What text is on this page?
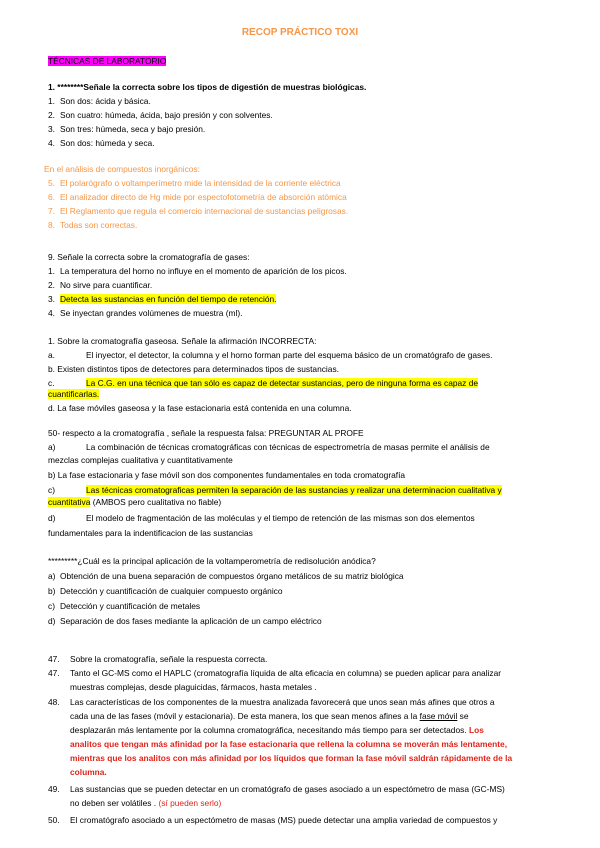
RECOP PRÁCTICO TOXI
TÉCNICAS DE LABORATORIO
1. ********Señale la correcta sobre los tipos de digestión de muestras biológicas.
1. Son dos: ácida y básica.
2. Son cuatro: húmeda, ácida, bajo presión y con solventes.
3. Son tres: húmeda, seca y bajo presión.
4. Son dos: húmeda y seca.
En el análisis de compuestos inorgánicos:
5. El polarógrafo o voltamperímetro mide la intensidad de la corriente eléctrica
6. El analizador directo de Hg mide por espectofotometría de absorción atómica
7. El Reglamento que regula el comercio internacional de sustancias peligrosas.
8. Todas son correctas.
9. Señale la correcta sobre la cromatografía de gases:
1. La temperatura del horno no influye en el momento de aparición de los picos.
2. No sirve para cuantificar.
3. Detecta las sustancias en función del tiempo de retención.
4. Se inyectan grandes volúmenes de muestra (ml).
1. Sobre la cromatografía gaseosa. Señale la afirmación INCORRECTA:
a.	El inyector, el detector, la columna y el horno forman parte del esquema básico de un cromatógrafo de gases.
b. Existen distintos tipos de detectores para determinados tipos de sustancias.
c.	La C.G. en una técnica que tan sólo es capaz de detectar sustancias, pero de ninguna forma es capaz de
cuantificarlas.
d. La fase móviles gaseosa y la fase estacionaria está contenida en una columna.
50- respecto a la cromatografía , señale la respuesta falsa: PREGUNTAR AL PROFE
a)	La combinación de técnicas cromatográficas con técnicas de espectrometría de masas permite el análisis de
mezclas complejas cualitativa y cuantitativamente
b) La fase estacionaria y fase móvil son dos componentes fundamentales en toda cromatografía
c)	Las técnicas cromatograficas permiten la separación de las sustancias y realizar una determinacion cualitativa y
cuantitativa (AMBOS pero cualitativa no fiable)
d)	El modelo de fragmentación de las moléculas y el tiempo de retención de las mismas son dos elementos
fundamentales para la indentificacion de las sustancias
*********¿Cuál es la principal aplicación de la voltamperometría de redisolución anódica?
a) Obtención de una buena separación de compuestos órgano metálicos de su matriz biológica
b) Detección y cuantificación de cualquier compuesto orgánico
c) Detección y cuantificación de metales
d) Separación de dos fases mediante la aplicación de un campo eléctrico
47. Sobre la cromatografía, señale la respuesta correcta.
47. Tanto el GC-MS como el HAPLC (cromatografía líquida de alta eficacia en columna) se pueden aplicar para analizar
muestras complejas, desde plaguicidas, fármacos, hasta metales .
48. Las características de los componentes de la muestra analizada favorecerá que unos sean más afines que otros a
cada una de las fases (móvil y estacionaria). De esta manera, los que sean menos afines a la fase móvil se
desplazarán más lentamente por la columna cromatográfica, necesitando más tiempo para ser detectados. Los
analitos que tengan más afinidad por la fase estacionaria que rellena la columna se moverán más lentamente,
mientras que los analitos con más afinidad por los líquidos que forman la fase móvil saldrán rápidamente de la
columna.
49. Las sustancias que se pueden detectar en un cromatógrafo de gases asociado a un espectómetro de masa (GC-MS)
no deben ser volátiles . (sí pueden serlo)
50. El cromatógrafo asociado a un espectómetro de masas (MS) puede detectar una amplia variedad de compuestos y
